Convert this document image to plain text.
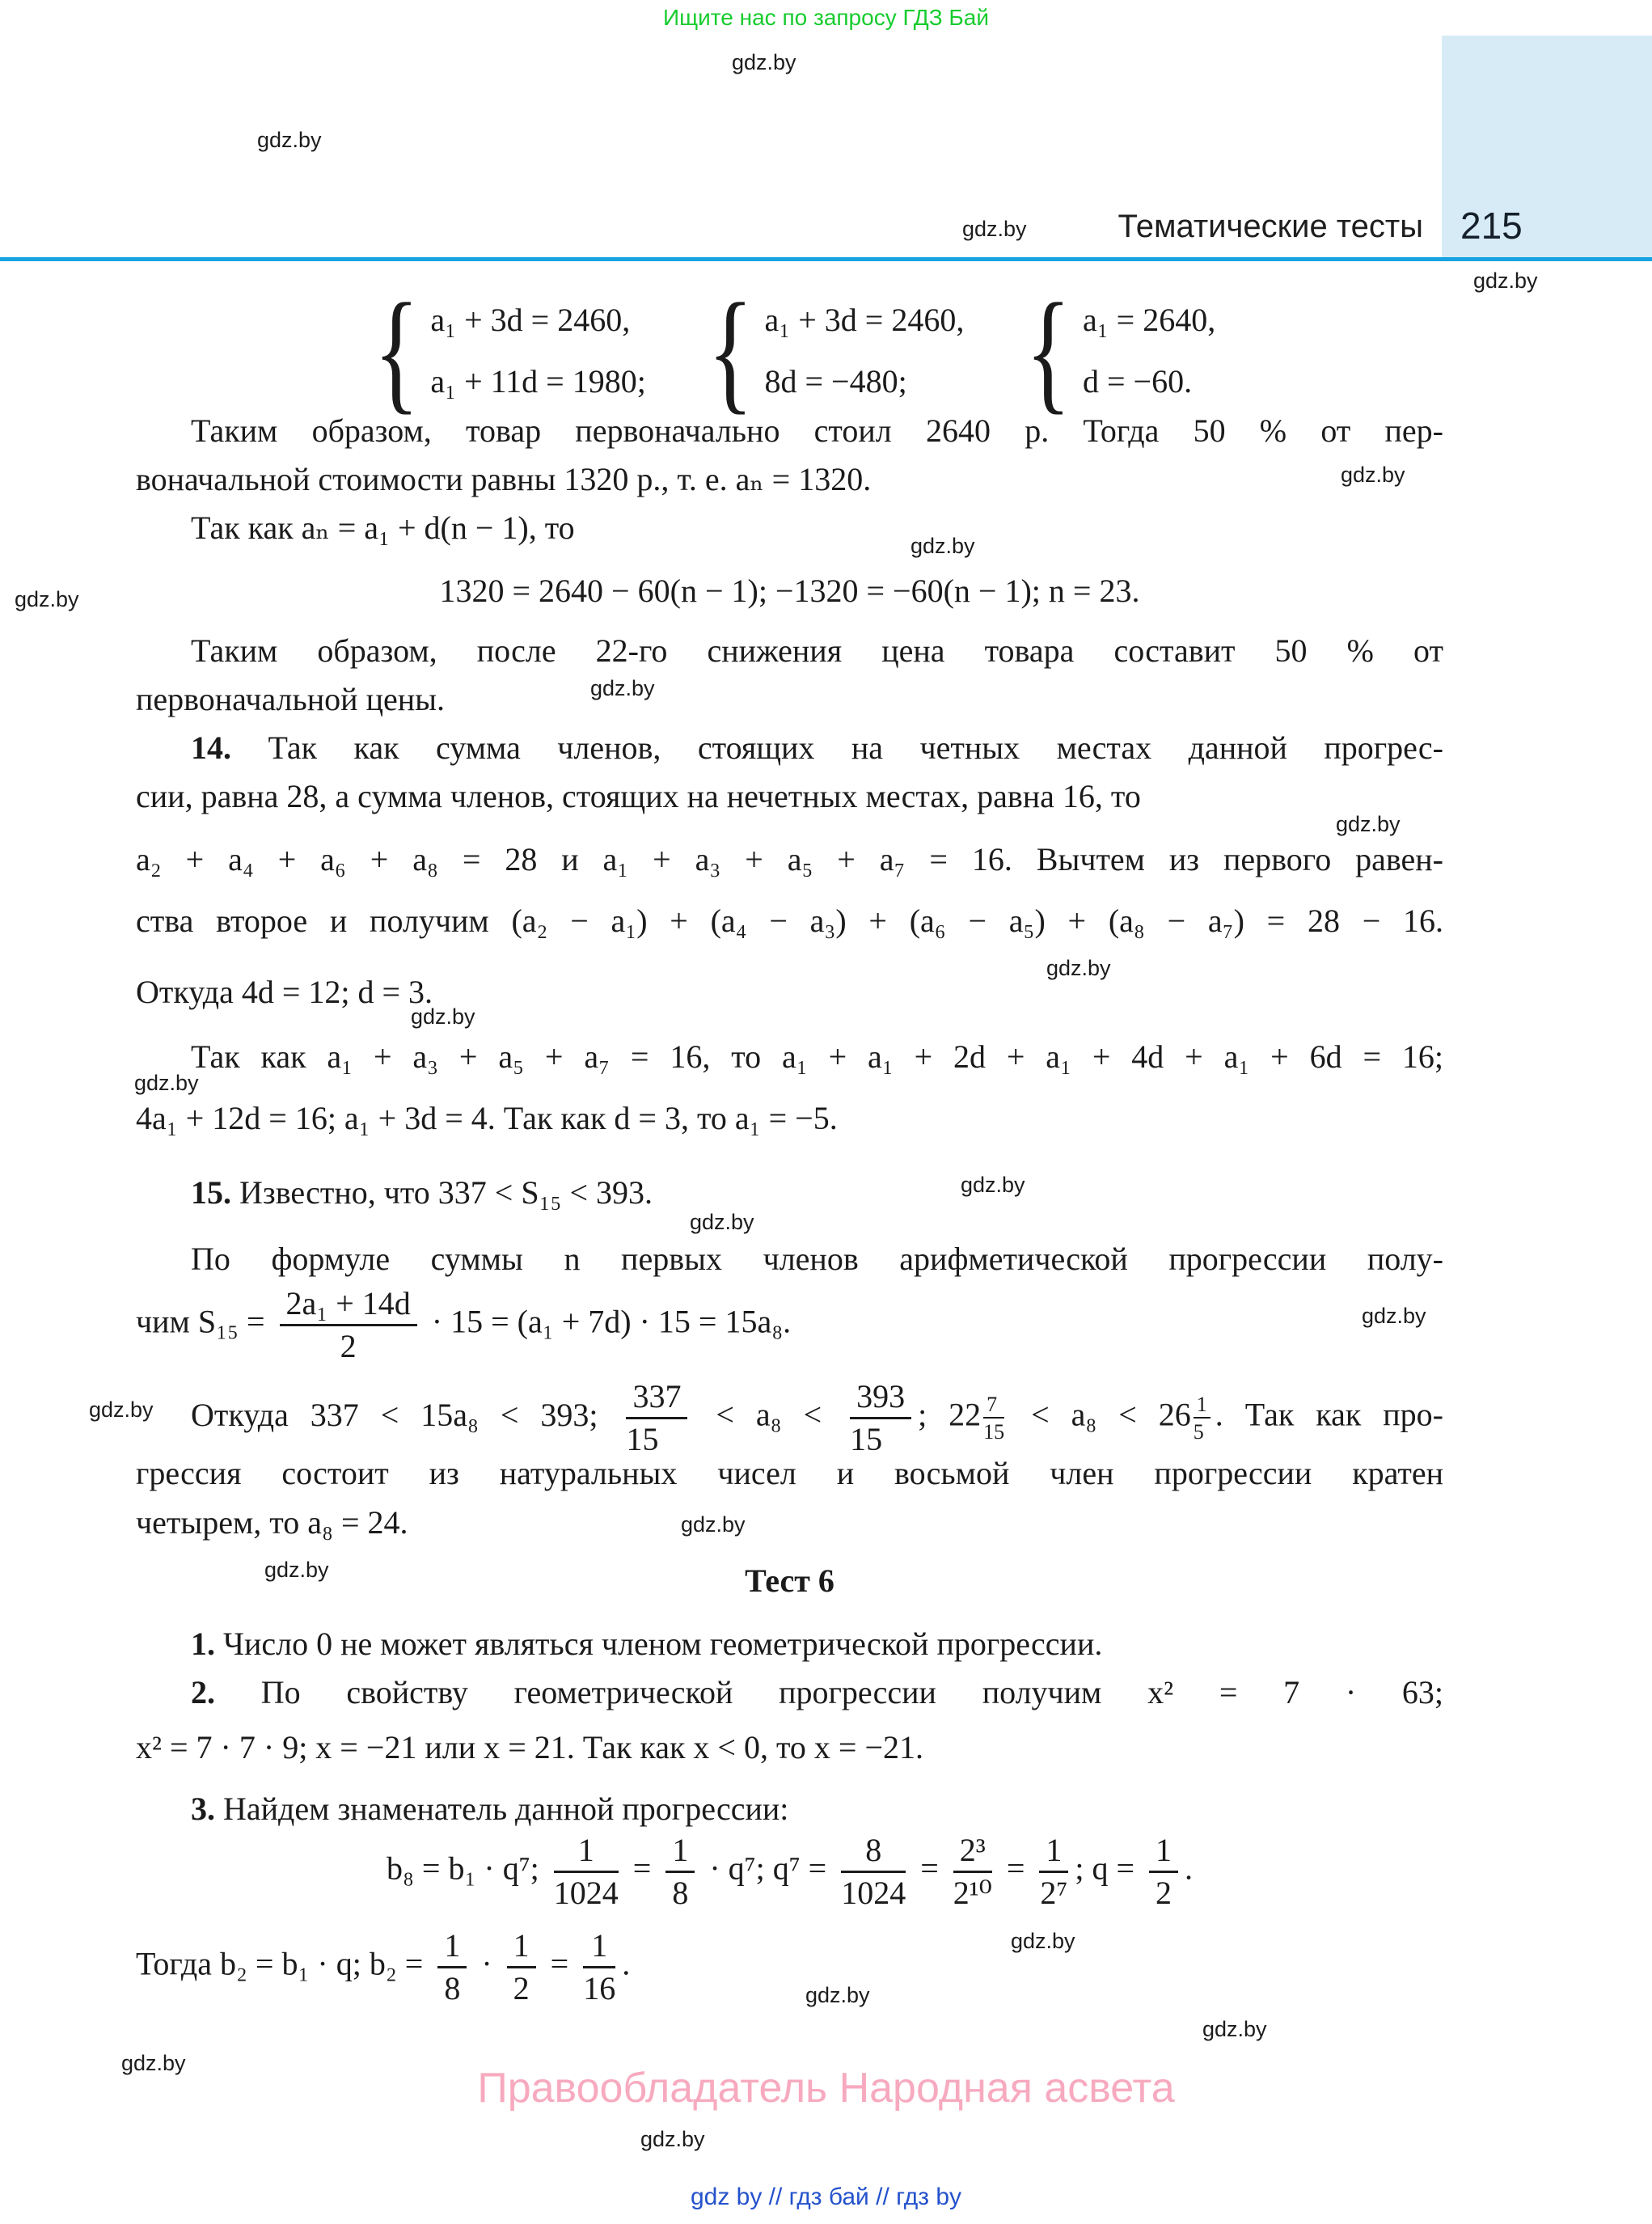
Ищите нас по запросу ГДЗ Бай
Тематические тесты 215
gdz.by
gdz.by
gdz.by
gdz.by
gdz.by
gdz.by
gdz.by
gdz.by
gdz.by
gdz.by
gdz.by
gdz.by
gdz.by
gdz.by
gdz.by
gdz.by
gdz.by
gdz.by
gdz.by
gdz.by
gdz.by
gdz.by
gdz.by
{ a₁ + 3d = 2460,
a₁ + 11d = 1980; { a₁ + 3d = 2460,
8d = −480; { a₁ = 2640,
d = −60.
Таким образом, товар первоначально стоил 2640 р. Тогда 50 % от пер-
воначальной стоимости равны 1320 р., т. е. aₙ = 1320.
Так как aₙ = a₁ + d(n − 1), то
1320 = 2640 − 60(n − 1); −1320 = −60(n − 1); n = 23.
Таким образом, после 22-го снижения цена товара составит 50 % от
первоначальной цены.
14. Так как сумма членов, стоящих на четных местах данной прогрес-
сии, равна 28, а сумма членов, стоящих на нечетных местах, равна 16, то
a₂ + a₄ + a₆ + a₈ = 28 и a₁ + a₃ + a₅ + a₇ = 16. Вычтем из первого равен-
ства второе и получим (a₂ − a₁) + (a₄ − a₃) + (a₆ − a₅) + (a₈ − a₇) = 28 − 16.
Откуда 4d = 12; d = 3.
Так как a₁ + a₃ + a₅ + a₇ = 16, то a₁ + a₁ + 2d + a₁ + 4d + a₁ + 6d = 16;
4a₁ + 12d = 16; a₁ + 3d = 4. Так как d = 3, то a₁ = −5.
15. Известно, что 337 < S₁₅ < 393.
По формуле суммы n первых членов арифметической прогрессии полу-
чим $S_{15} = \frac{\text{2a₁ + 14d}}{2} \cdot 15 = (a_1 + 7d) \cdot 15 = 15a_8$.
Откуда 337 < 15a₈ < 393; $\frac{337}{15} < a_8 < \frac{393}{15}$ ; $22 \frac{7}{15} < a_8 < 26 \frac{1}{5}$ . Так как про-
грессия состоит из натуральных чисел и восьмой член прогрессии кратен
четырем, то a₈ = 24.
Тест 6
1. Число 0 не может являться членом геометрической прогрессии.
2. По свойству геометрической прогрессии получим x² = 7 · 63;
x² = 7 · 7 · 9; x = −21 или x = 21. Так как x < 0, то x = −21.
3. Найдем знаменатель данной прогрессии:
b₈ = b₁ · q⁷; $\frac{1}{1024} = \frac{1}{8} \cdot q^7$; $q^7 = \frac{8}{1024} = \frac{\text{2³}}{\text{2¹⁰}} = \frac{1}{\text{2⁷}}$ ; $q = \frac{1}{2}$ .
Тогда b₂ = b₁ · q; $b_2 = \frac{1}{8} \cdot \frac{1}{2} = \frac{1}{16}$ .
Правообладатель Народная асвета
gdz by // гдз бай // гдз by
